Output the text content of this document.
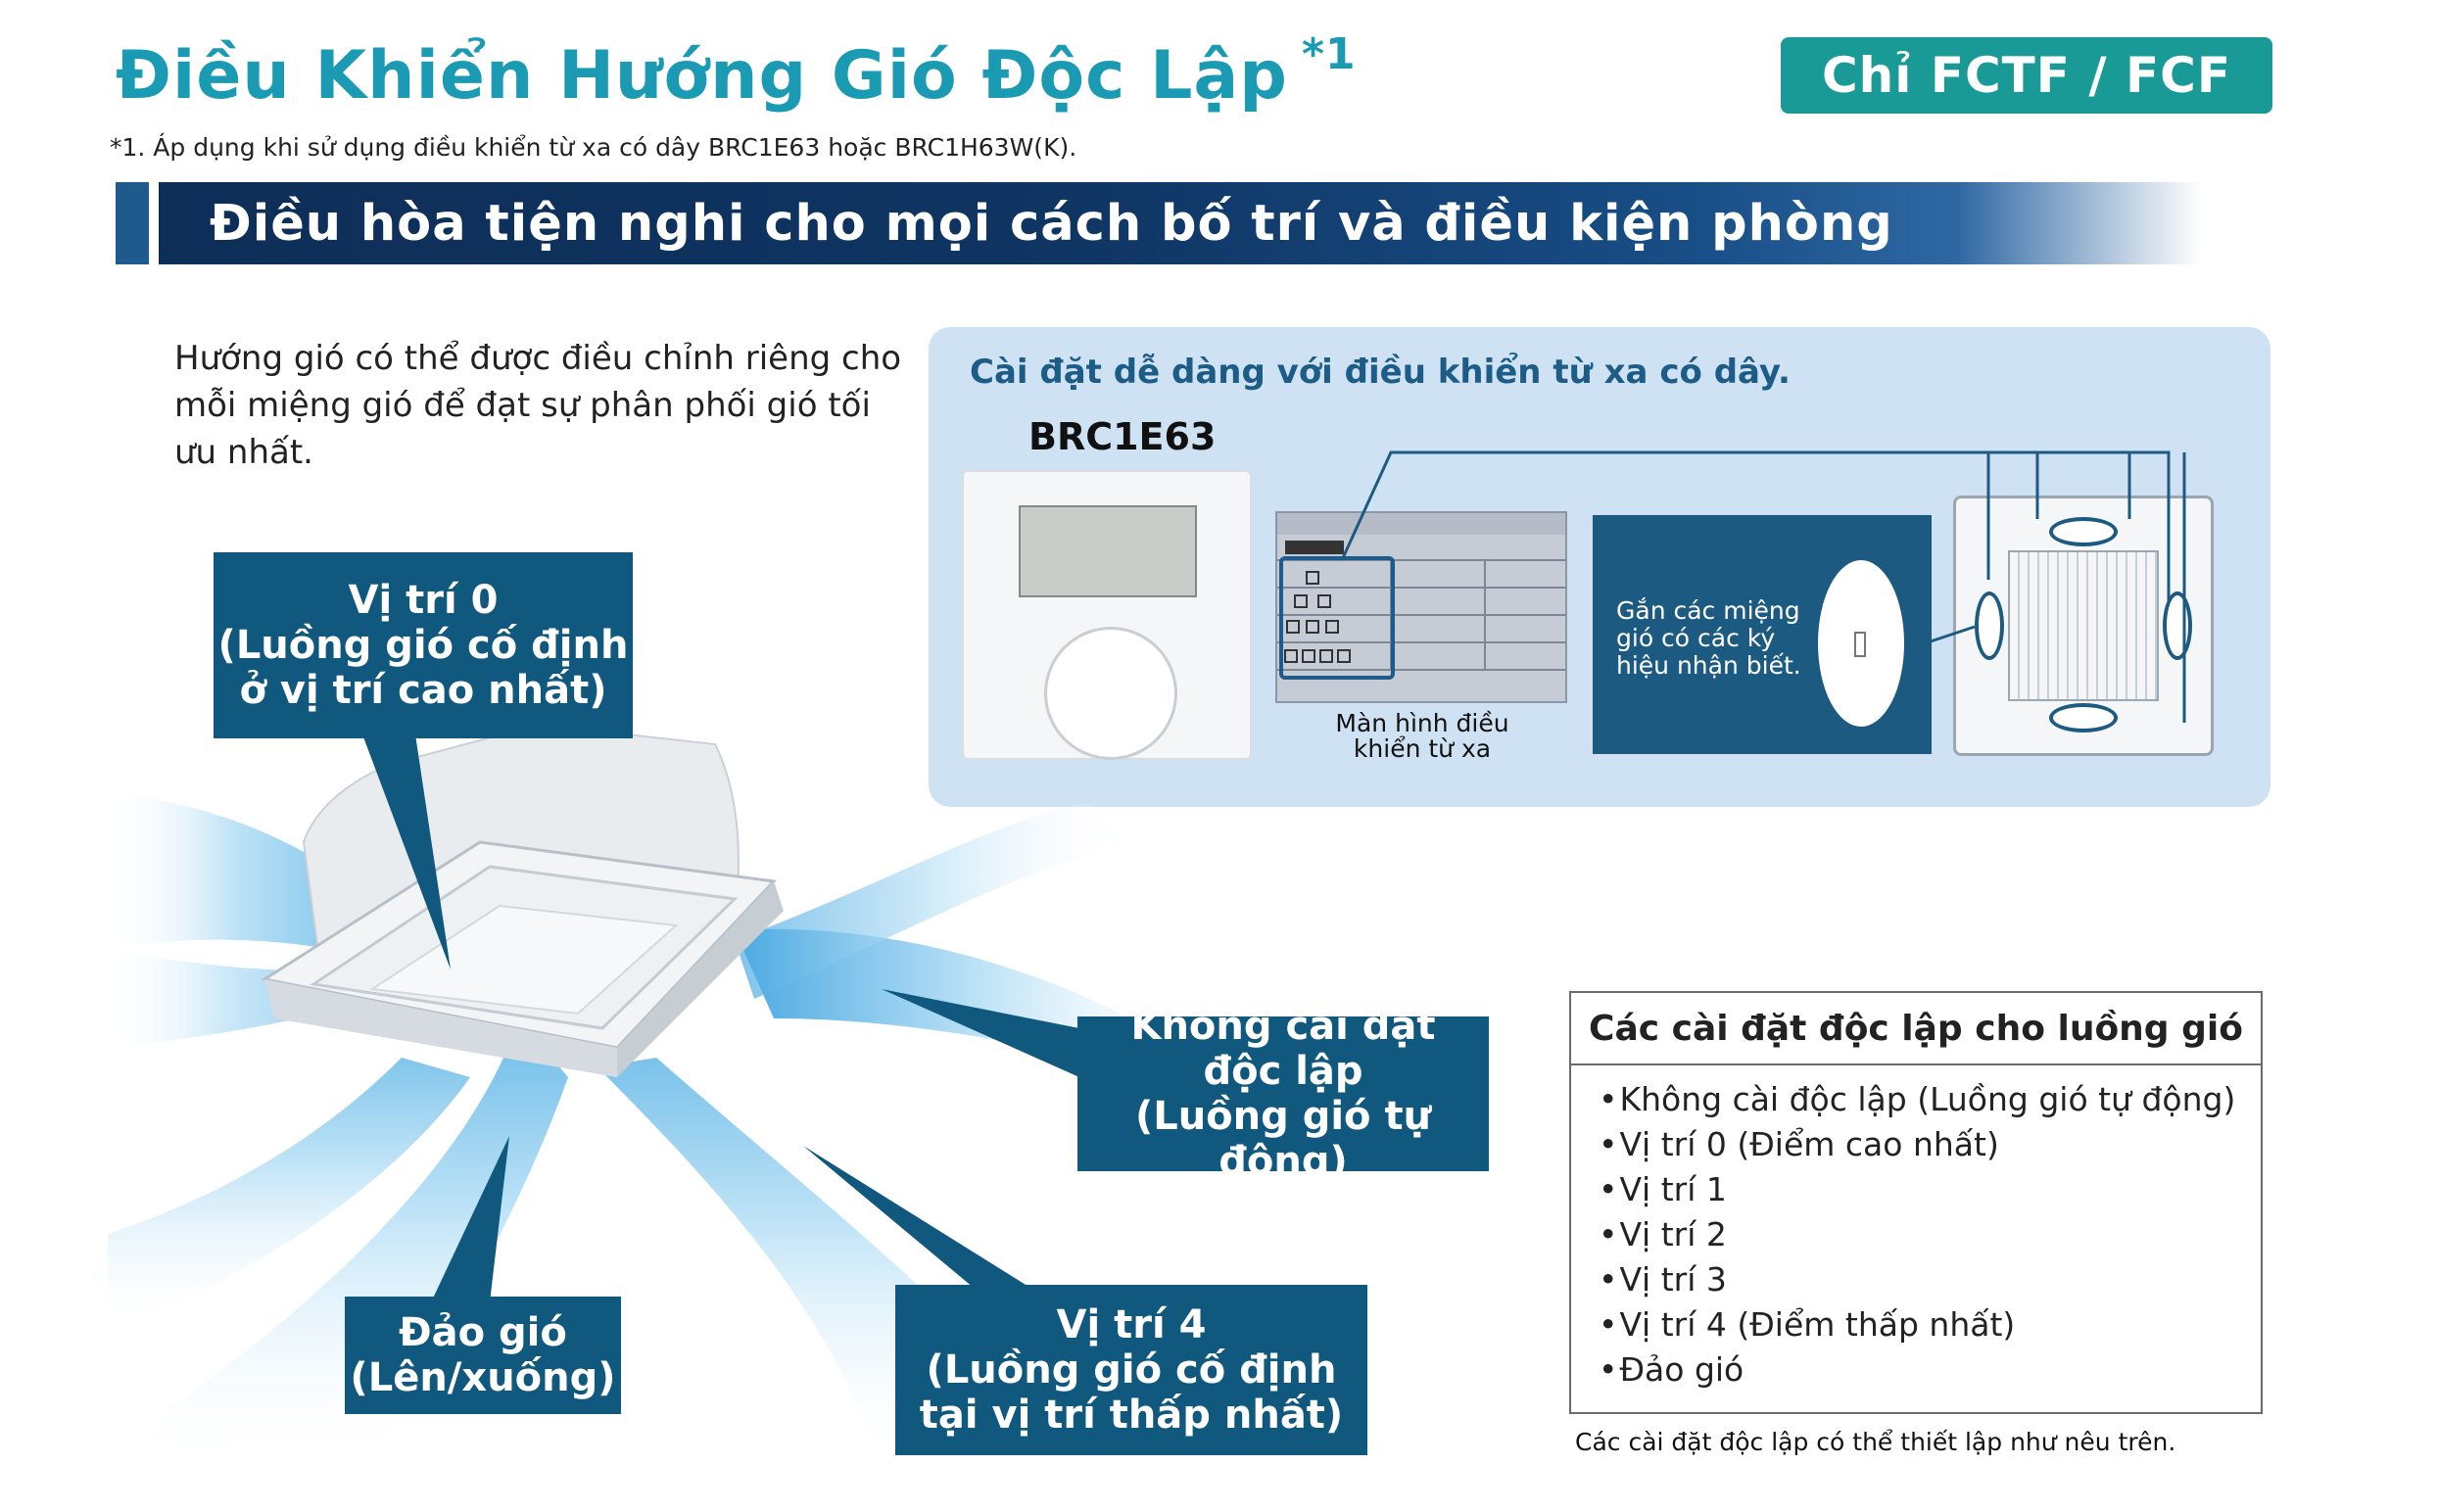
Điều Khiển Hướng Gió Độc Lập $^{*1}$
*1. Áp dụng khi sử dụng điều khiển từ xa có dây BRC1E63 hoặc BRC1H63W(K).
Chỉ FCTF / FCF
Điều hòa tiện nghi cho mọi cách bố trí và điều kiện phòng
Hướng gió có thể được điều chỉnh riêng cho mỗi miệng gió để đạt sự phân phối gió tối ưu nhất.
Cài đặt dễ dàng với điều khiển từ xa có dây.
BRC1E63
Màn hình điều khiển từ xa
Gắn các miệng gió có các ký hiệu nhận biết.
Vị trí 0
(Luồng gió cố định
ở vị trí cao nhất)
Không cài đặt
độc lập
(Luồng gió tự động)
Đảo gió
(Lên/xuống)
Vị trí 4
(Luồng gió cố định
tại vị trí thấp nhất)
Các cài đặt độc lập cho luồng gió
• Không cài độc lập (Luồng gió tự động)
• Vị trí 0 (Điểm cao nhất)
• Vị trí 1
• Vị trí 2
• Vị trí 3
• Vị trí 4 (Điểm thấp nhất)
• Đảo gió
Các cài đặt độc lập có thể thiết lập như nêu trên.
